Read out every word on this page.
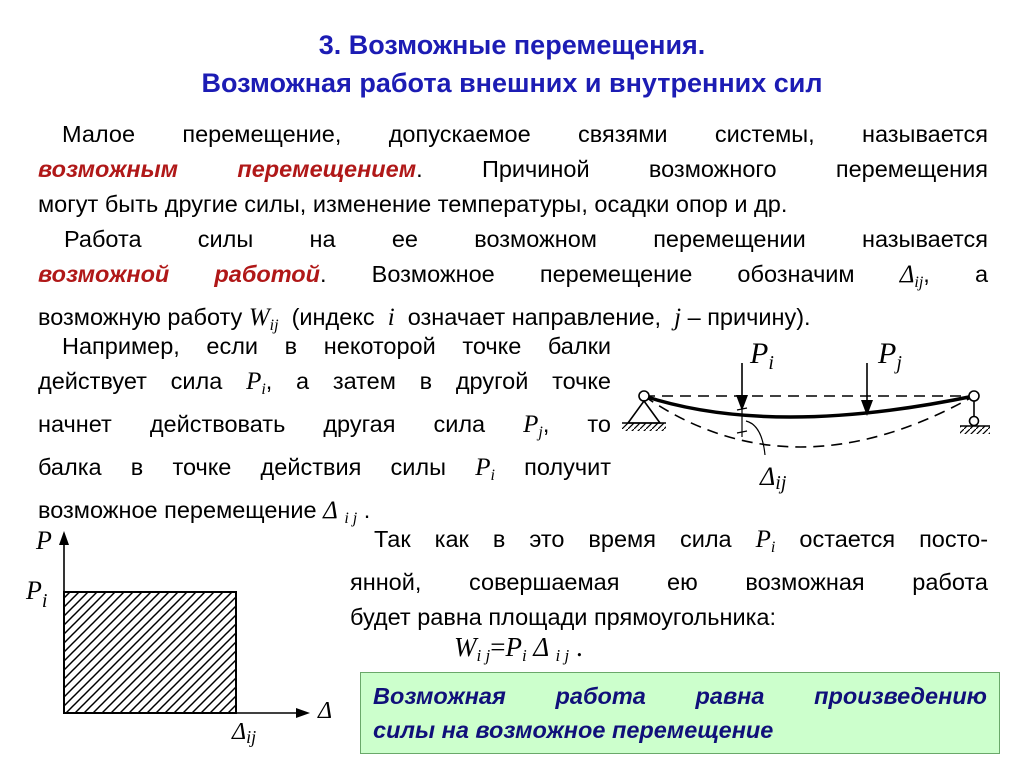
3. Возможные перемещения.
Возможная работа внешних и внутренних сил
Малое перемещение, допускаемое связями системы, называется
возможным перемещением. Причиной возможного перемещения
могут быть другие силы, изменение температуры, осадки опор и др.
Работа силы на ее возможном перемещении называется
возможной работой. Возможное перемещение обозначим $\Delta_{ij}$, а
возможную работу $W_{ij}$ (индекс i означает направление, j – причину).
Например, если в некоторой точке балки
действует сила $P_i$, а затем в другой точке
начнет действовать другая сила $P_j$, то
балка в точке действия силы $P_i$ получит
возможное перемещение Δ $_{i j}$ .
$P_i$	$P_j$
Δij
P
$P_i$
Δ
Δij
Так как в это время сила $P_i$ остается посто-
янной, совершаемая ею возможная работа
будет равна площади прямоугольника:
$W_{i j}=P_i$ Δ $_{i j}$ .
Возможная работа равна произведению
силы на возможное перемещение
